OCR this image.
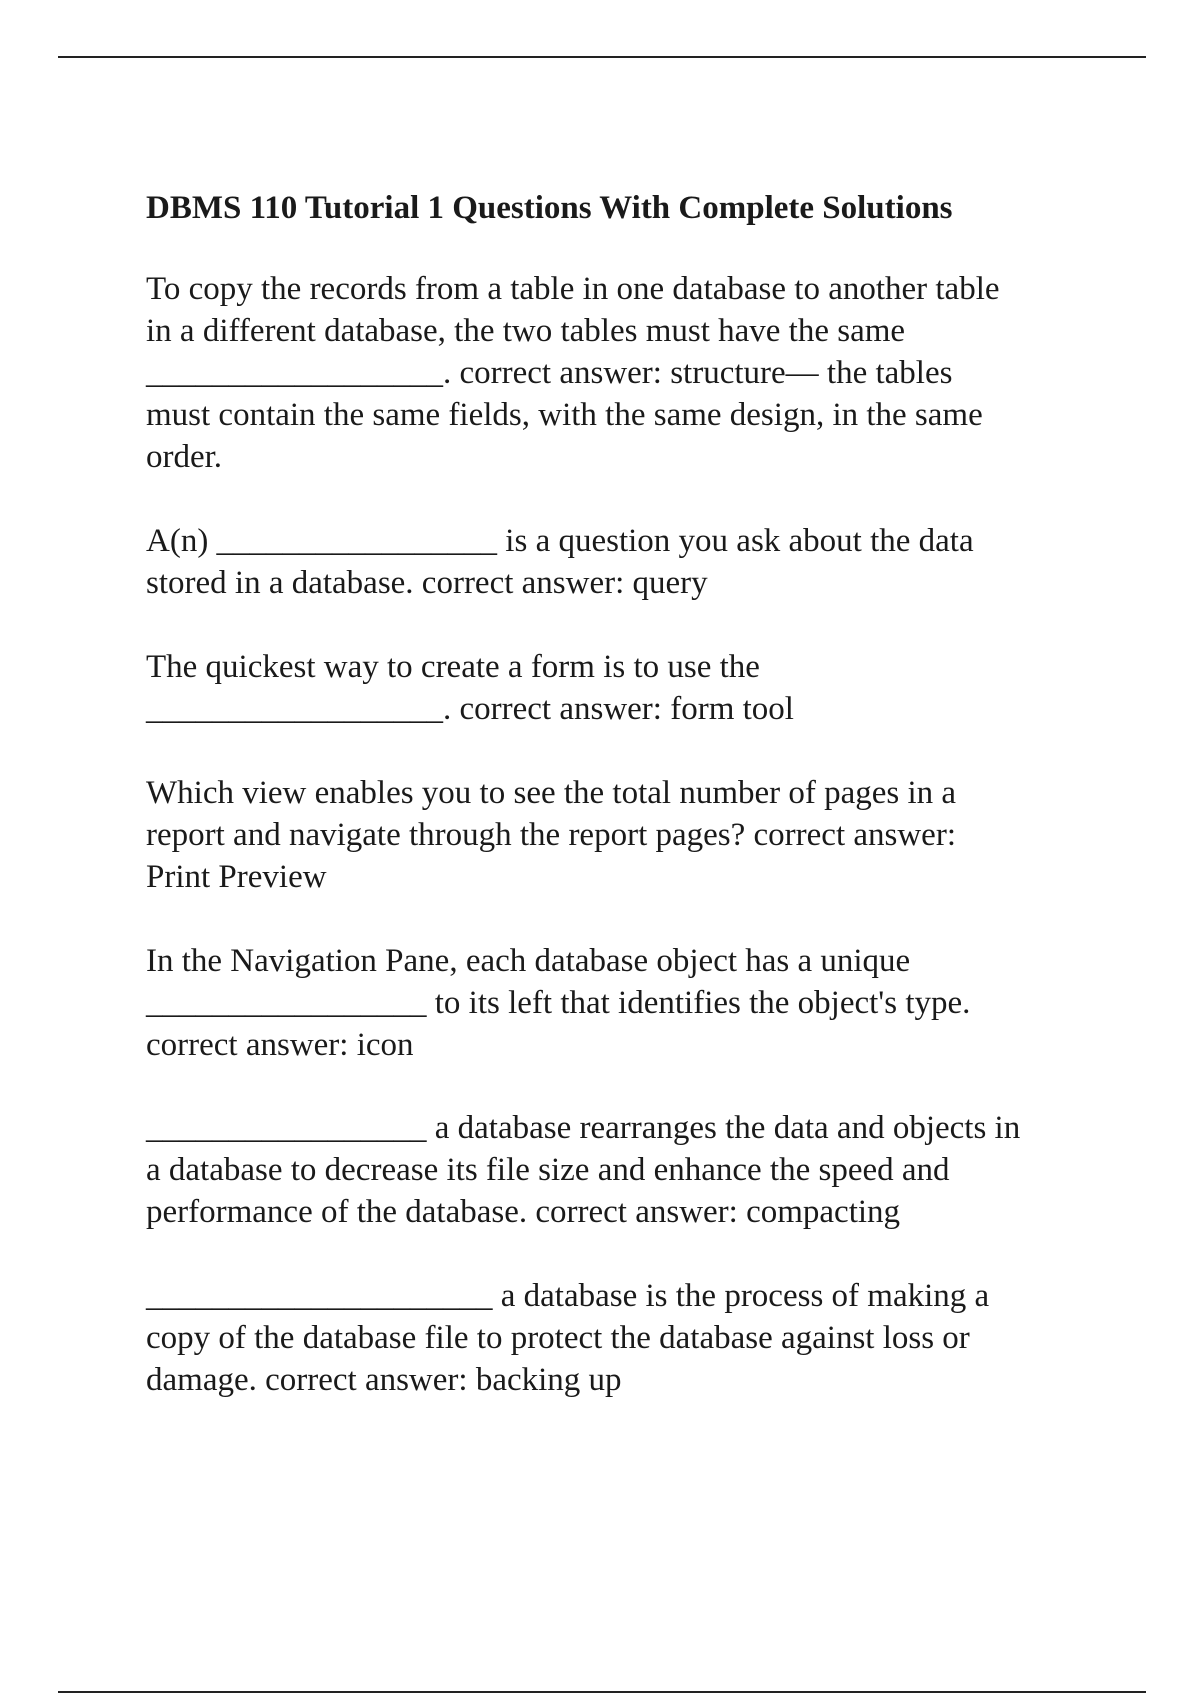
DBMS 110 Tutorial 1 Questions With Complete Solutions
To copy the records from a table in one database to another table
in a different database, the two tables must have the same
__________________. correct answer: structure— the tables
must contain the same fields, with the same design, in the same
order.
A(n) _________________ is a question you ask about the data
stored in a database. correct answer: query
The quickest way to create a form is to use the
__________________. correct answer: form tool
Which view enables you to see the total number of pages in a
report and navigate through the report pages? correct answer:
Print Preview
In the Navigation Pane, each database object has a unique
_________________ to its left that identifies the object's type.
correct answer: icon
_________________ a database rearranges the data and objects in
a database to decrease its file size and enhance the speed and
performance of the database. correct answer: compacting
_____________________ a database is the process of making a
copy of the database file to protect the database against loss or
damage. correct answer: backing up
